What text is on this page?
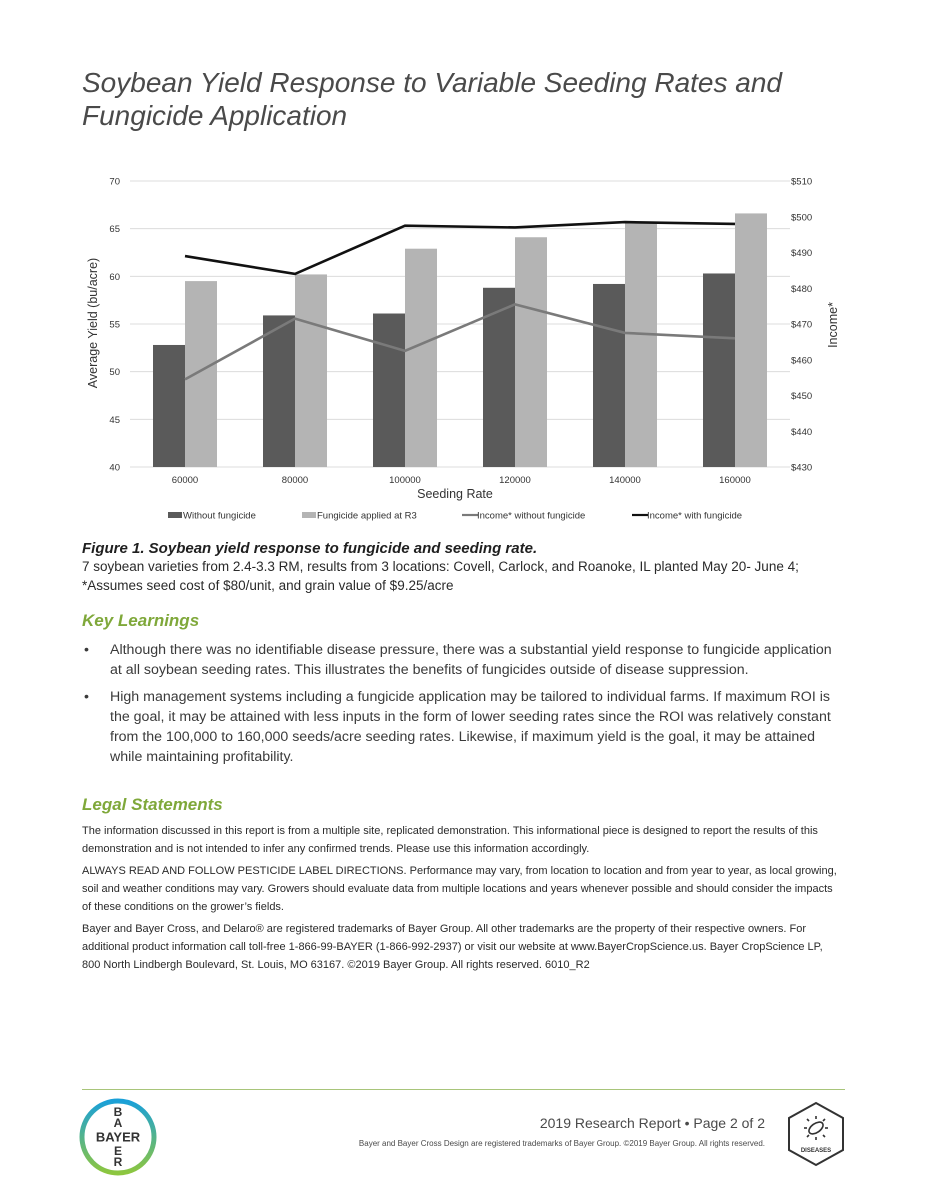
Soybean Yield Response to Variable Seeding Rates and
Fungicide Application
40
45
50
55
60
65
70
$430
$440
$450
$460
$470
$480
$490
$500
$510
60000	80000	100000	120000	140000	160000
Without fungicide	Fungicide applied at R3	Income* without fungicide	Income* with fungicide
Seeding Rate
Average Yield (bu/acre)	Income*
Figure 1. Soybean yield response to fungicide and seeding rate.
7 soybean varieties from 2.4-3.3 RM, results from 3 locations: Covell, Carlock, and Roanoke, IL planted May 20- June 4;
*Assumes seed cost of $80/unit, and grain value of $9.25/acre
Key Learnings
• Although there was no identifiable disease pressure, there was a substantial yield response to fungicide application at all soybean seeding rates. This illustrates the benefits of fungicides outside of disease suppression.
• High management systems including a fungicide application may be tailored to individual farms. If maximum ROI is the goal, it may be attained with less inputs in the form of lower seeding rates since the ROI was relatively constant from the 100,000 to 160,000 seeds/acre seeding rates. Likewise, if maximum yield is the goal, it may be attained while maintaining profitability.
Legal Statements

The information discussed in this report is from a multiple site, replicated demonstration. This informational piece is designed to report the results of this demonstration and is not intended to infer any confirmed trends. Please use this information accordingly.

ALWAYS READ AND FOLLOW PESTICIDE LABEL DIRECTIONS. Performance may vary, from location to location and from year to year, as local growing, soil and weather conditions may vary. Growers should evaluate data from multiple locations and years whenever possible and should consider the impacts of these conditions on the grower’s fields.

Bayer and Bayer Cross, and Delaro® are registered trademarks of Bayer Group. All other trademarks are the property of their respective owners. For additional product information call toll-free 1-866-99-BAYER (1-866-992-2937) or visit our website at www.BayerCropScience.us. Bayer CropScience LP, 800 North Lindbergh Boulevard, St. Louis, MO 63167. ©2019 Bayer Group. All rights reserved. 6010_R2

B
A
E
R
BAYER
2019 Research Report • Page 2 of 2
Bayer and Bayer Cross Design are registered trademarks of Bayer Group. ©2019 Bayer Group. All rights reserved.
DISEASES
